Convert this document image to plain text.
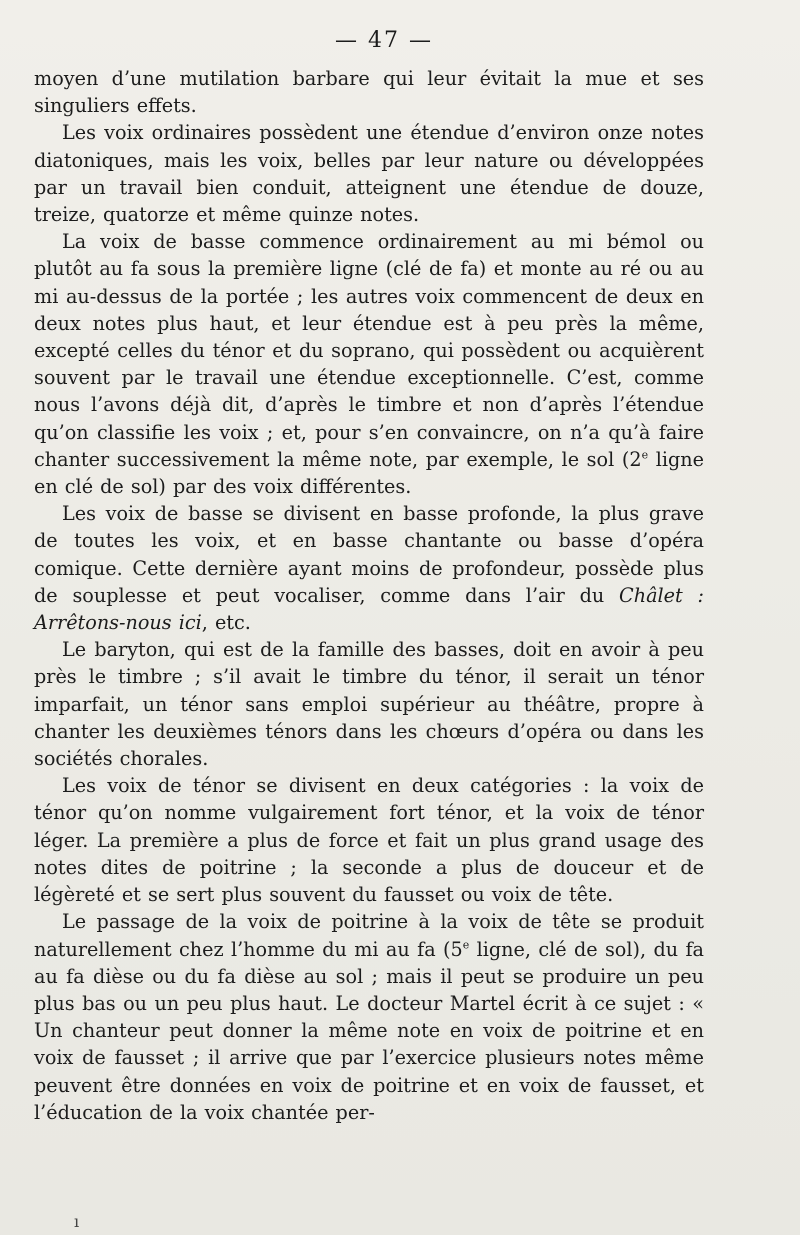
— 47 —

moyen d’une mutilation barbare qui leur évitait la mue et ses singuliers effets.

Les voix ordinaires possèdent une étendue d’environ onze notes diatoniques, mais les voix, belles par leur nature ou développées par un travail bien conduit, atteignent une étendue de douze, treize, quatorze et même quinze notes.

La voix de basse commence ordinairement au mi bémol ou plutôt au fa sous la première ligne (clé de fa) et monte au ré ou au mi au-dessus de la portée ; les autres voix commencent de deux en deux notes plus haut, et leur étendue est à peu près la même, excepté celles du ténor et du soprano, qui possèdent ou acquièrent souvent par le travail une étendue exceptionnelle. C’est, comme nous l’avons déjà dit, d’après le timbre et non d’après l’étendue qu’on classifie les voix ; et, pour s’en convaincre, on n’a qu’à faire chanter successivement la même note, par exemple, le sol (2e ligne en clé de sol) par des voix différentes.

Les voix de basse se divisent en basse profonde, la plus grave de toutes les voix, et en basse chantante ou basse d’opéra comique. Cette dernière ayant moins de profondeur, possède plus de souplesse et peut vocaliser, comme dans l’air du Châlet : Arrêtons-nous ici, etc.

Le baryton, qui est de la famille des basses, doit en avoir à peu près le timbre ; s’il avait le timbre du ténor, il serait un ténor imparfait, un ténor sans emploi supérieur au théâtre, propre à chanter les deuxièmes ténors dans les chœurs d’opéra ou dans les sociétés chorales.

Les voix de ténor se divisent en deux catégories : la voix de ténor qu’on nomme vulgairement fort ténor, et la voix de ténor léger. La première a plus de force et fait un plus grand usage des notes dites de poitrine ; la seconde a plus de douceur et de légèreté et se sert plus souvent du fausset ou voix de tête.

Le passage de la voix de poitrine à la voix de tête se produit naturellement chez l’homme du mi au fa (5e ligne, clé de sol), du fa au fa dièse ou du fa dièse au sol ; mais il peut se produire un peu plus bas ou un peu plus haut. Le docteur Martel écrit à ce sujet : « Un chanteur peut donner la même note en voix de poitrine et en voix de fausset ; il arrive que par l’exercice plusieurs notes même peuvent être données en voix de poitrine et en voix de fausset, et l’éducation de la voix chantée per-

ı
